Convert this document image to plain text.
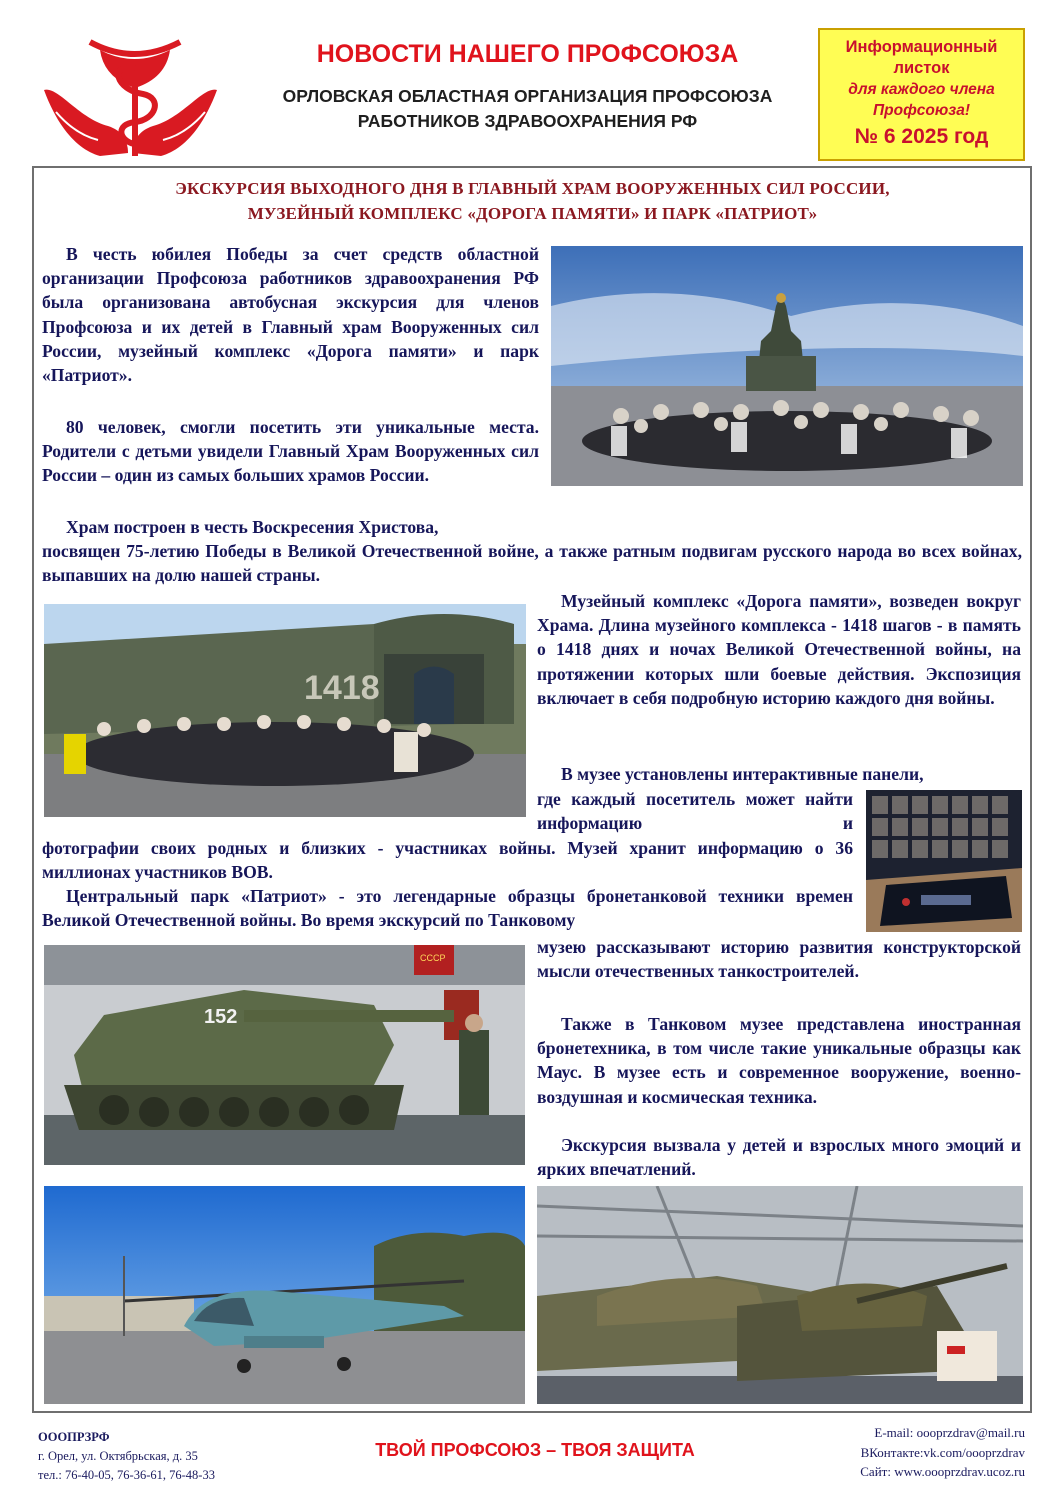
НОВОСТИ НАШЕГО ПРОФСОЮЗА
ОРЛОВСКАЯ ОБЛАСТНАЯ ОРГАНИЗАЦИЯ ПРОФСОЮЗА
РАБОТНИКОВ ЗДРАВООХРАНЕНИЯ РФ
Информационный
листок
для каждого члена
Профсоюза!
№ 6 2025 год
ЭКСКУРСИЯ ВЫХОДНОГО ДНЯ В ГЛАВНЫЙ ХРАМ ВООРУЖЕННЫХ СИЛ РОССИИ,
МУЗЕЙНЫЙ КОМПЛЕКС «ДОРОГА ПАМЯТИ» И ПАРК «ПАТРИОТ»
В честь юбилея Победы за счет средств областной организации Профсоюза работников здравоохранения РФ была организована автобусная экскурсия для членов Профсоюза и их детей в Главный храм Вооруженных сил России, музейный комплекс «Дорога памяти» и парк «Патриот».
80 человек, смогли посетить эти уникальные места. Родители с детьми увидели Главный Храм Вооруженных сил России – один из самых больших храмов России.
Храм построен в честь Воскресения Христова,
посвящен 75-летию Победы в Великой Отечественной войне, а также ратным подвигам русского народа во всех войнах, выпавших на долю нашей страны.
Музейный комплекс «Дорога памяти», возведен вокруг Храма. Длина музейного комплекса - 1418 шагов - в память о 1418 днях и ночах Великой Отечественной войны, на протяжении которых шли боевые действия. Экспозиция включает в себя подробную историю каждого дня войны.
В музее установлены интерактивные панели,
где каждый посетитель может найти информацию и
фотографии своих родных и близких - участниках войны. Музей хранит информацию о 36 миллионах участников ВОВ.
Центральный парк «Патриот» - это легендарные образцы бронетанковой техники времен Великой Отечественной войны. Во время экскурсий по Танковому
музею рассказывают историю развития конструкторской мысли отечественных танкостроителей.
Также в Танковом музее представлена иностранная бронетехника, в том числе такие уникальные образцы как Маус. В музее есть и современное вооружение, военно-воздушная и космическая техника.
Экскурсия вызвала у детей и взрослых много эмоций и ярких впечатлений.
1418
СССР
152
ОООПРЗРФ
г. Орел, ул. Октябрьская, д. 35
тел.: 76-40-05, 76-36-61, 76-48-33
ТВОЙ ПРОФСОЮЗ – ТВОЯ ЗАЩИТА
E-mail: oooprzdrav@mail.ru
ВКонтакте:vk.com/oooprzdrav
Сайт: www.oooprzdrav.ucoz.ru
